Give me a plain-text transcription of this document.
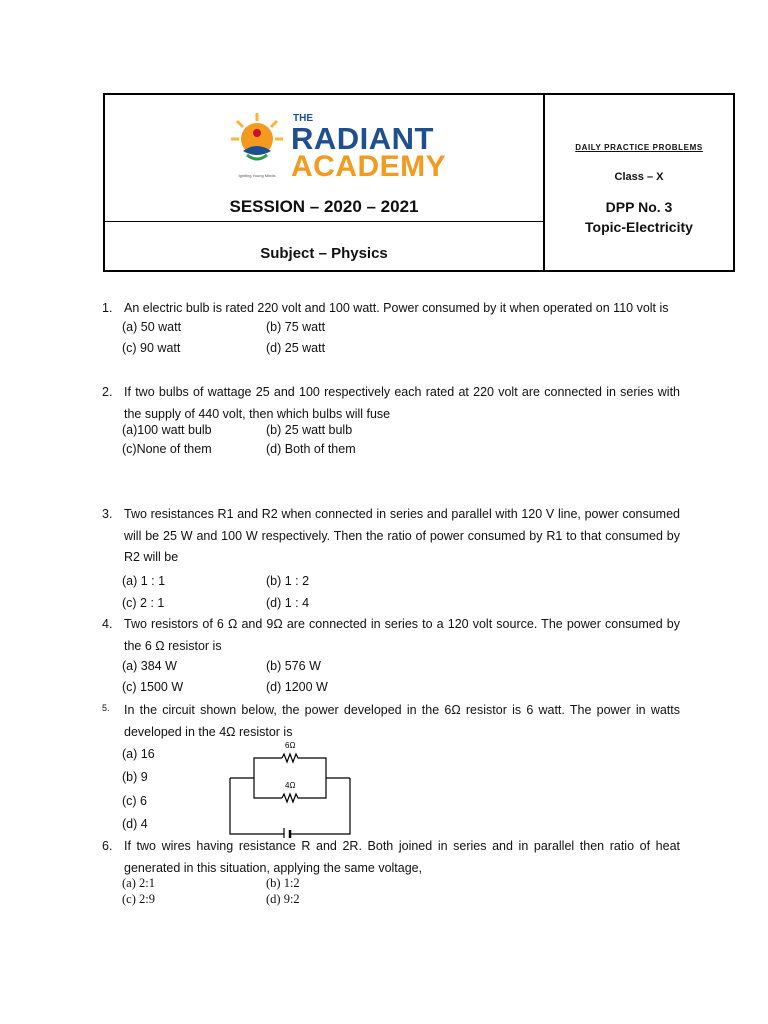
THE
RADIANT
ACADEMY
Igniting Young Minds
SESSION – 2020 – 2021
Subject – Physics
DAILY PRACTICE PROBLEMS
Class – X
DPP No. 3
Topic-Electricity
1. An electric bulb is rated 220 volt and 100 watt. Power consumed by it when operated on 110 volt is
(a) 50 watt	(b) 75 watt
(c) 90 watt	(d) 25 watt
2. If two bulbs of wattage 25 and 100 respectively each rated at 220 volt are connected in series with the supply of 440 volt, then which bulbs will fuse
(a)100 watt bulb	(b) 25 watt bulb
(c)None of them	(d) Both of them
3. Two resistances R1 and R2 when connected in series and parallel with 120 V line, power consumed will be 25 W and 100 W respectively. Then the ratio of power consumed by R1 to that consumed by R2 will be
(a) 1 : 1	(b) 1 : 2
(c) 2 : 1	(d) 1 : 4
4. Two resistors of 6 Ω and 9Ω are connected in series to a 120 volt source. The power consumed by the 6 Ω resistor is
(a) 384 W	(b) 576 W
(c) 1500 W	(d) 1200 W
5. In the circuit shown below, the power developed in the 6Ω resistor is 6 watt. The power in watts developed in the 4Ω resistor is
(a) 16
(b) 9
(c) 6
(d) 4
6Ω
4Ω
6. If two wires having resistance R and 2R. Both joined in series and in parallel then ratio of heat generated in this situation, applying the same voltage,
(a) 2:1	(b) 1:2
(c) 2:9	(d) 9:2
